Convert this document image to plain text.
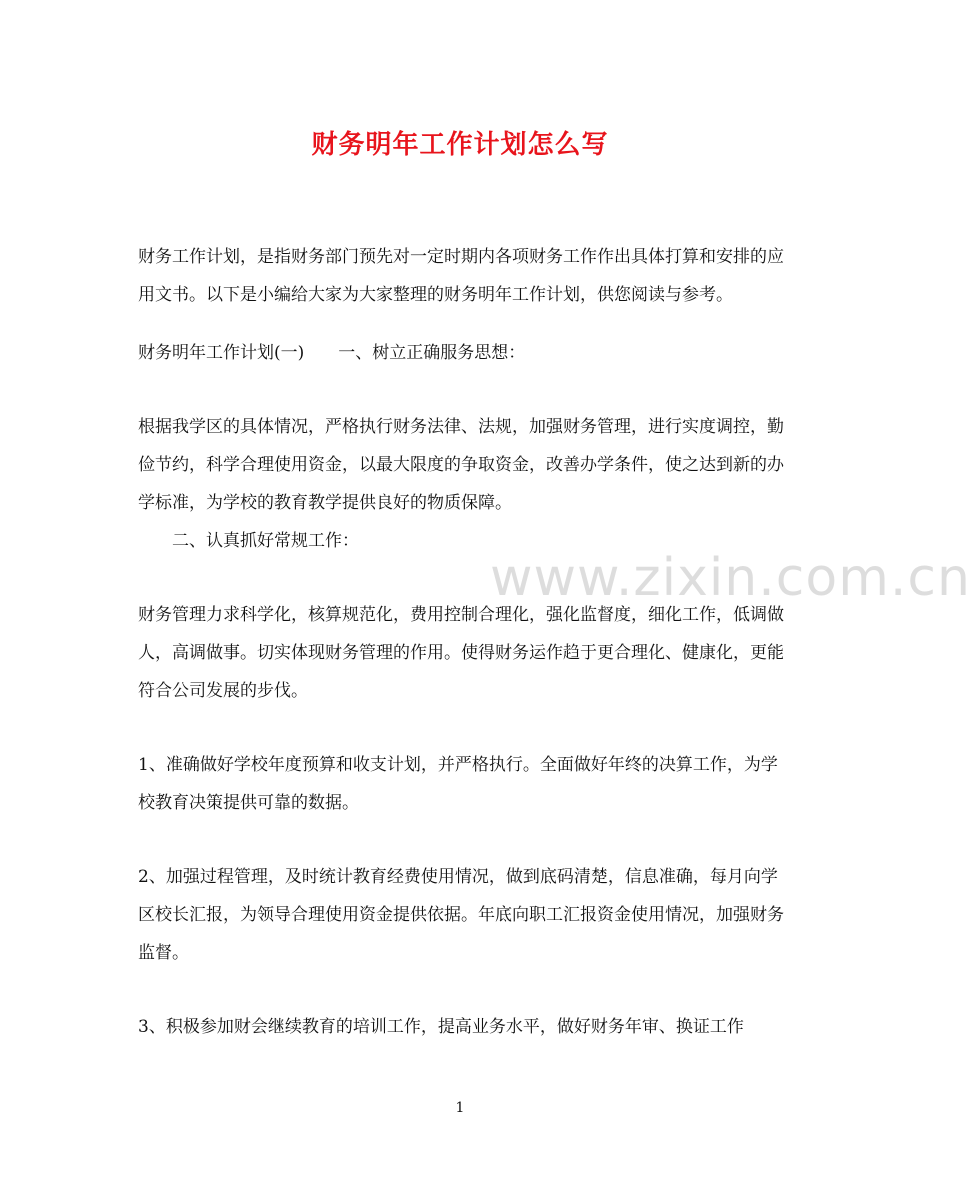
财务明年工作计划怎么写

财务工作计划，是指财务部门预先对一定时期内各项财务工作作出具体打算和安排的应用文书。以下是小编给大家为大家整理的财务明年工作计划，供您阅读与参考。

财务明年工作计划(一)　　一、树立正确服务思想：

根据我学区的具体情况，严格执行财务法律、法规，加强财务管理，进行实度调控，勤俭节约，科学合理使用资金，以最大限度的争取资金，改善办学条件，使之达到新的办学标准，为学校的教育教学提供良好的物质保障。

　　二、认真抓好常规工作：

财务管理力求科学化，核算规范化，费用控制合理化，强化监督度，细化工作，低调做人，高调做事。切实体现财务管理的作用。使得财务运作趋于更合理化、健康化，更能符合公司发展的步伐。

1、准确做好学校年度预算和收支计划，并严格执行。全面做好年终的决算工作，为学校教育决策提供可靠的数据。

2、加强过程管理，及时统计教育经费使用情况，做到底码清楚，信息准确，每月向学区校长汇报，为领导合理使用资金提供依据。年底向职工汇报资金使用情况，加强财务监督。

3、积极参加财会继续教育的培训工作，提高业务水平，做好财务年审、换证工作

www.zixin.com.cn
1
